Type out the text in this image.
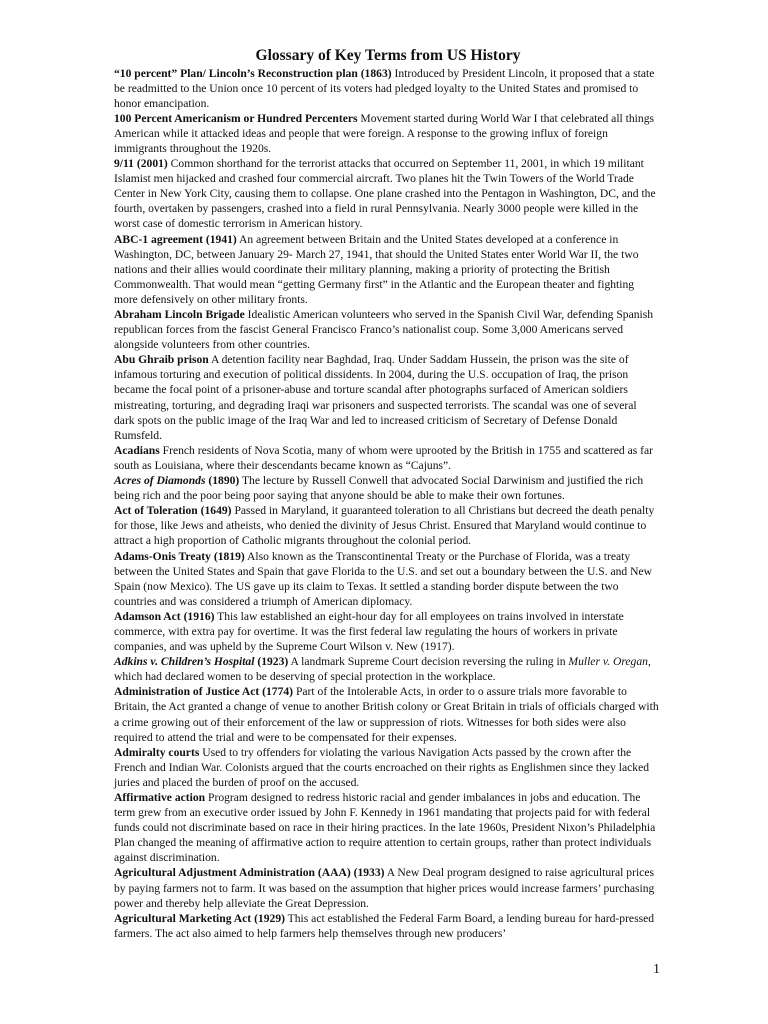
Glossary of Key Terms from US History

“10 percent” Plan/ Lincoln’s Reconstruction plan (1863) Introduced by President Lincoln, it proposed that a state be readmitted to the Union once 10 percent of its voters had pledged loyalty to the United States and promised to honor emancipation.

100 Percent Americanism or Hundred Percenters Movement started during World War I that celebrated all things American while it attacked ideas and people that were foreign. A response to the growing influx of foreign immigrants throughout the 1920s.

9/11 (2001) Common shorthand for the terrorist attacks that occurred on September 11, 2001, in which 19 militant Islamist men hijacked and crashed four commercial aircraft. Two planes hit the Twin Towers of the World Trade Center in New York City, causing them to collapse. One plane crashed into the Pentagon in Washington, DC, and the fourth, overtaken by passengers, crashed into a field in rural Pennsylvania. Nearly 3000 people were killed in the worst case of domestic terrorism in American history.

ABC-1 agreement (1941) An agreement between Britain and the United States developed at a conference in Washington, DC, between January 29- March 27, 1941, that should the United States enter World War II, the two nations and their allies would coordinate their military planning, making a priority of protecting the British Commonwealth. That would mean “getting Germany first” in the Atlantic and the European theater and fighting more defensively on other military fronts.

Abraham Lincoln Brigade Idealistic American volunteers who served in the Spanish Civil War, defending Spanish republican forces from the fascist General Francisco Franco’s nationalist coup. Some 3,000 Americans served alongside volunteers from other countries.

Abu Ghraib prison A detention facility near Baghdad, Iraq. Under Saddam Hussein, the prison was the site of infamous torturing and execution of political dissidents. In 2004, during the U.S. occupation of Iraq, the prison became the focal point of a prisoner-abuse and torture scandal after photographs surfaced of American soldiers mistreating, torturing, and degrading Iraqi war prisoners and suspected terrorists. The scandal was one of several dark spots on the public image of the Iraq War and led to increased criticism of Secretary of Defense Donald Rumsfeld.

Acadians French residents of Nova Scotia, many of whom were uprooted by the British in 1755 and scattered as far south as Louisiana, where their descendants became known as “Cajuns”.

Acres of Diamonds (1890) The lecture by Russell Conwell that advocated Social Darwinism and justified the rich being rich and the poor being poor saying that anyone should be able to make their own fortunes.

Act of Toleration (1649) Passed in Maryland, it guaranteed toleration to all Christians but decreed the death penalty for those, like Jews and atheists, who denied the divinity of Jesus Christ. Ensured that Maryland would continue to attract a high proportion of Catholic migrants throughout the colonial period.

Adams-Onis Treaty (1819) Also known as the Transcontinental Treaty or the Purchase of Florida, was a treaty between the United States and Spain that gave Florida to the U.S. and set out a boundary between the U.S. and New Spain (now Mexico). The US gave up its claim to Texas. It settled a standing border dispute between the two countries and was considered a triumph of American diplomacy.

Adamson Act (1916) This law established an eight-hour day for all employees on trains involved in interstate commerce, with extra pay for overtime. It was the first federal law regulating the hours of workers in private companies, and was upheld by the Supreme Court Wilson v. New (1917).

Adkins v. Children’s Hospital (1923) A landmark Supreme Court decision reversing the ruling in Muller v. Oregan, which had declared women to be deserving of special protection in the workplace.

Administration of Justice Act (1774) Part of the Intolerable Acts, in order to o assure trials more favorable to Britain, the Act granted a change of venue to another British colony or Great Britain in trials of officials charged with a crime growing out of their enforcement of the law or suppression of riots. Witnesses for both sides were also required to attend the trial and were to be compensated for their expenses.

Admiralty courts Used to try offenders for violating the various Navigation Acts passed by the crown after the French and Indian War. Colonists argued that the courts encroached on their rights as Englishmen since they lacked juries and placed the burden of proof on the accused.

Affirmative action Program designed to redress historic racial and gender imbalances in jobs and education. The term grew from an executive order issued by John F. Kennedy in 1961 mandating that projects paid for with federal funds could not discriminate based on race in their hiring practices. In the late 1960s, President Nixon’s Philadelphia Plan changed the meaning of affirmative action to require attention to certain groups, rather than protect individuals against discrimination.

Agricultural Adjustment Administration (AAA) (1933) A New Deal program designed to raise agricultural prices by paying farmers not to farm. It was based on the assumption that higher prices would increase farmers’ purchasing power and thereby help alleviate the Great Depression.

Agricultural Marketing Act (1929) This act established the Federal Farm Board, a lending bureau for hard-pressed farmers. The act also aimed to help farmers help themselves through new producers’

1
